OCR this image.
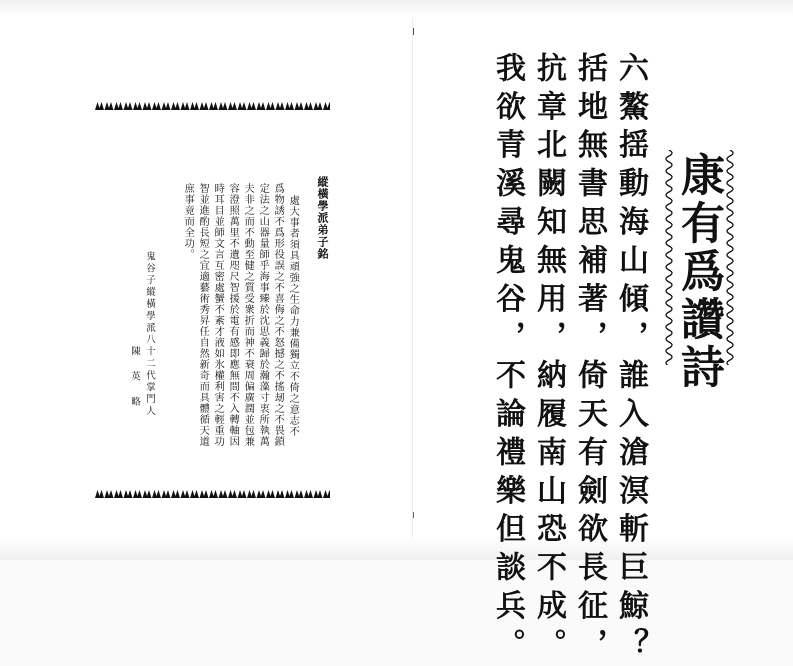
縱橫學派弟子銘
處大事者須具頑強之生命力兼備獨立不倚之意志不
爲物誘不爲形役誤之不喜侮之不怒撼之不搖刼之不畏鎖
定法之山器量師乎海事臻於沈思義歸於瀚藻寸衷所執萬
夫非之而不動至健之質受衆折而神不衰周偏廣潤並包兼
容澄照萬里不遺咫尺智援於電有感即應無間不入轉軸因
時耳目並師文言互密處蟹不紊才液如氷權利害之輕重功
智並進酌長短之宜適藝術秀昇任自然新奇而具體循天道
庶事竟而全功。
鬼谷子縱橫學派八十二代掌門人
陳 英 略	康有爲讚詩
六鰲揺動海山傾，誰入滄溟斬巨鯨？
括地無書思補著，倚天有劍欲長征，
抗章北闕知無用，納履南山恐不成。
我欲青溪尋鬼谷，不論禮樂但談兵。
